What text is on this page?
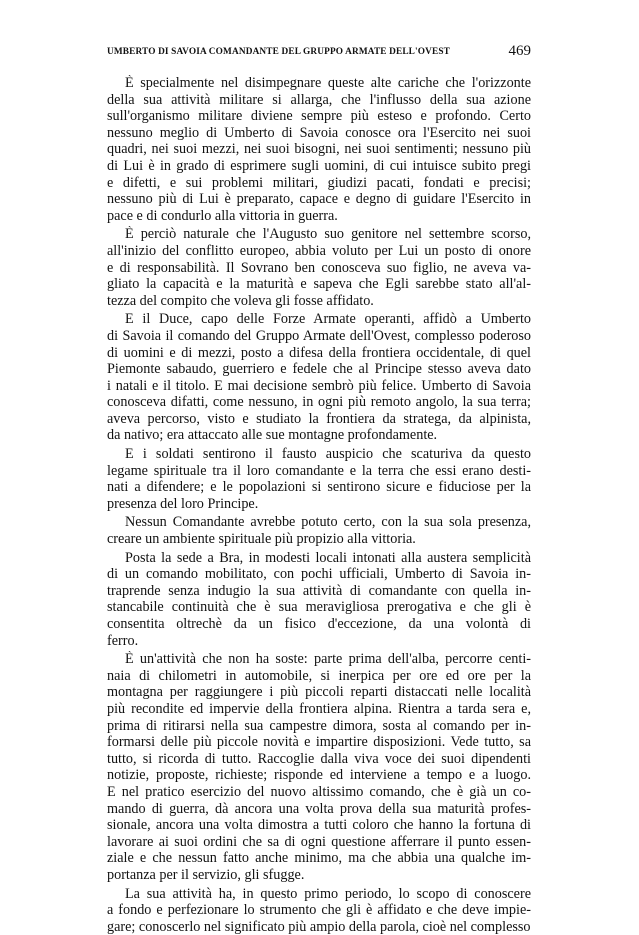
UMBERTO DI SAVOIA COMANDANTE DEL GRUPPO ARMATE DELL'OVEST	469
È specialmente nel disimpegnare queste alte cariche che l'orizzonte
della sua attività militare si allarga, che l'influsso della sua azione
sull'organismo militare diviene sempre più esteso e profondo. Certo
nessuno meglio di Umberto di Savoia conosce ora l'Esercito nei suoi
quadri, nei suoi mezzi, nei suoi bisogni, nei suoi sentimenti; nessuno più
di Lui è in grado di esprimere sugli uomini, di cui intuisce subito pregi
e difetti, e sui problemi militari, giudizi pacati, fondati e precisi;
nessuno più di Lui è preparato, capace e degno di guidare l'Esercito in
pace e di condurlo alla vittoria in guerra.
È perciò naturale che l'Augusto suo genitore nel settembre scorso,
all'inizio del conflitto europeo, abbia voluto per Lui un posto di onore
e di responsabilità. Il Sovrano ben conosceva suo figlio, ne aveva va-
gliato la capacità e la maturità e sapeva che Egli sarebbe stato all'al-
tezza del compito che voleva gli fosse affidato.
E il Duce, capo delle Forze Armate operanti, affidò a Umberto
di Savoia il comando del Gruppo Armate dell'Ovest, complesso poderoso
di uomini e di mezzi, posto a difesa della frontiera occidentale, di quel
Piemonte sabaudo, guerriero e fedele che al Principe stesso aveva dato
i natali e il titolo. E mai decisione sembrò più felice. Umberto di Savoia
conosceva difatti, come nessuno, in ogni più remoto angolo, la sua terra;
aveva percorso, visto e studiato la frontiera da stratega, da alpinista,
da nativo; era attaccato alle sue montagne profondamente.
E i soldati sentirono il fausto auspicio che scaturiva da questo
legame spirituale tra il loro comandante e la terra che essi erano desti-
nati a difendere; e le popolazioni si sentirono sicure e fiduciose per la
presenza del loro Principe.
Nessun Comandante avrebbe potuto certo, con la sua sola presenza,
creare un ambiente spirituale più propizio alla vittoria.
Posta la sede a Bra, in modesti locali intonati alla austera semplicità
di un comando mobilitato, con pochi ufficiali, Umberto di Savoia in-
traprende senza indugio la sua attività di comandante con quella in-
stancabile continuità che è sua meravigliosa prerogativa e che gli è
consentita oltrechè da un fisico d'eccezione, da una volontà di
ferro.
È un'attività che non ha soste: parte prima dell'alba, percorre centi-
naia di chilometri in automobile, si inerpica per ore ed ore per la
montagna per raggiungere i più piccoli reparti distaccati nelle località
più recondite ed impervie della frontiera alpina. Rientra a tarda sera e,
prima di ritirarsi nella sua campestre dimora, sosta al comando per in-
formarsi delle più piccole novità e impartire disposizioni. Vede tutto, sa
tutto, si ricorda di tutto. Raccoglie dalla viva voce dei suoi dipendenti
notizie, proposte, richieste; risponde ed interviene a tempo e a luogo.
E nel pratico esercizio del nuovo altissimo comando, che è già un co-
mando di guerra, dà ancora una volta prova della sua maturità profes-
sionale, ancora una volta dimostra a tutti coloro che hanno la fortuna di
lavorare ai suoi ordini che sa di ogni questione afferrare il punto essen-
ziale e che nessun fatto anche minimo, ma che abbia una qualche im-
portanza per il servizio, gli sfugge.
La sua attività ha, in questo primo periodo, lo scopo di conoscere
a fondo e perfezionare lo strumento che gli è affidato e che deve impie-
gare; conoscerlo nel significato più ampio della parola, cioè nel complesso
